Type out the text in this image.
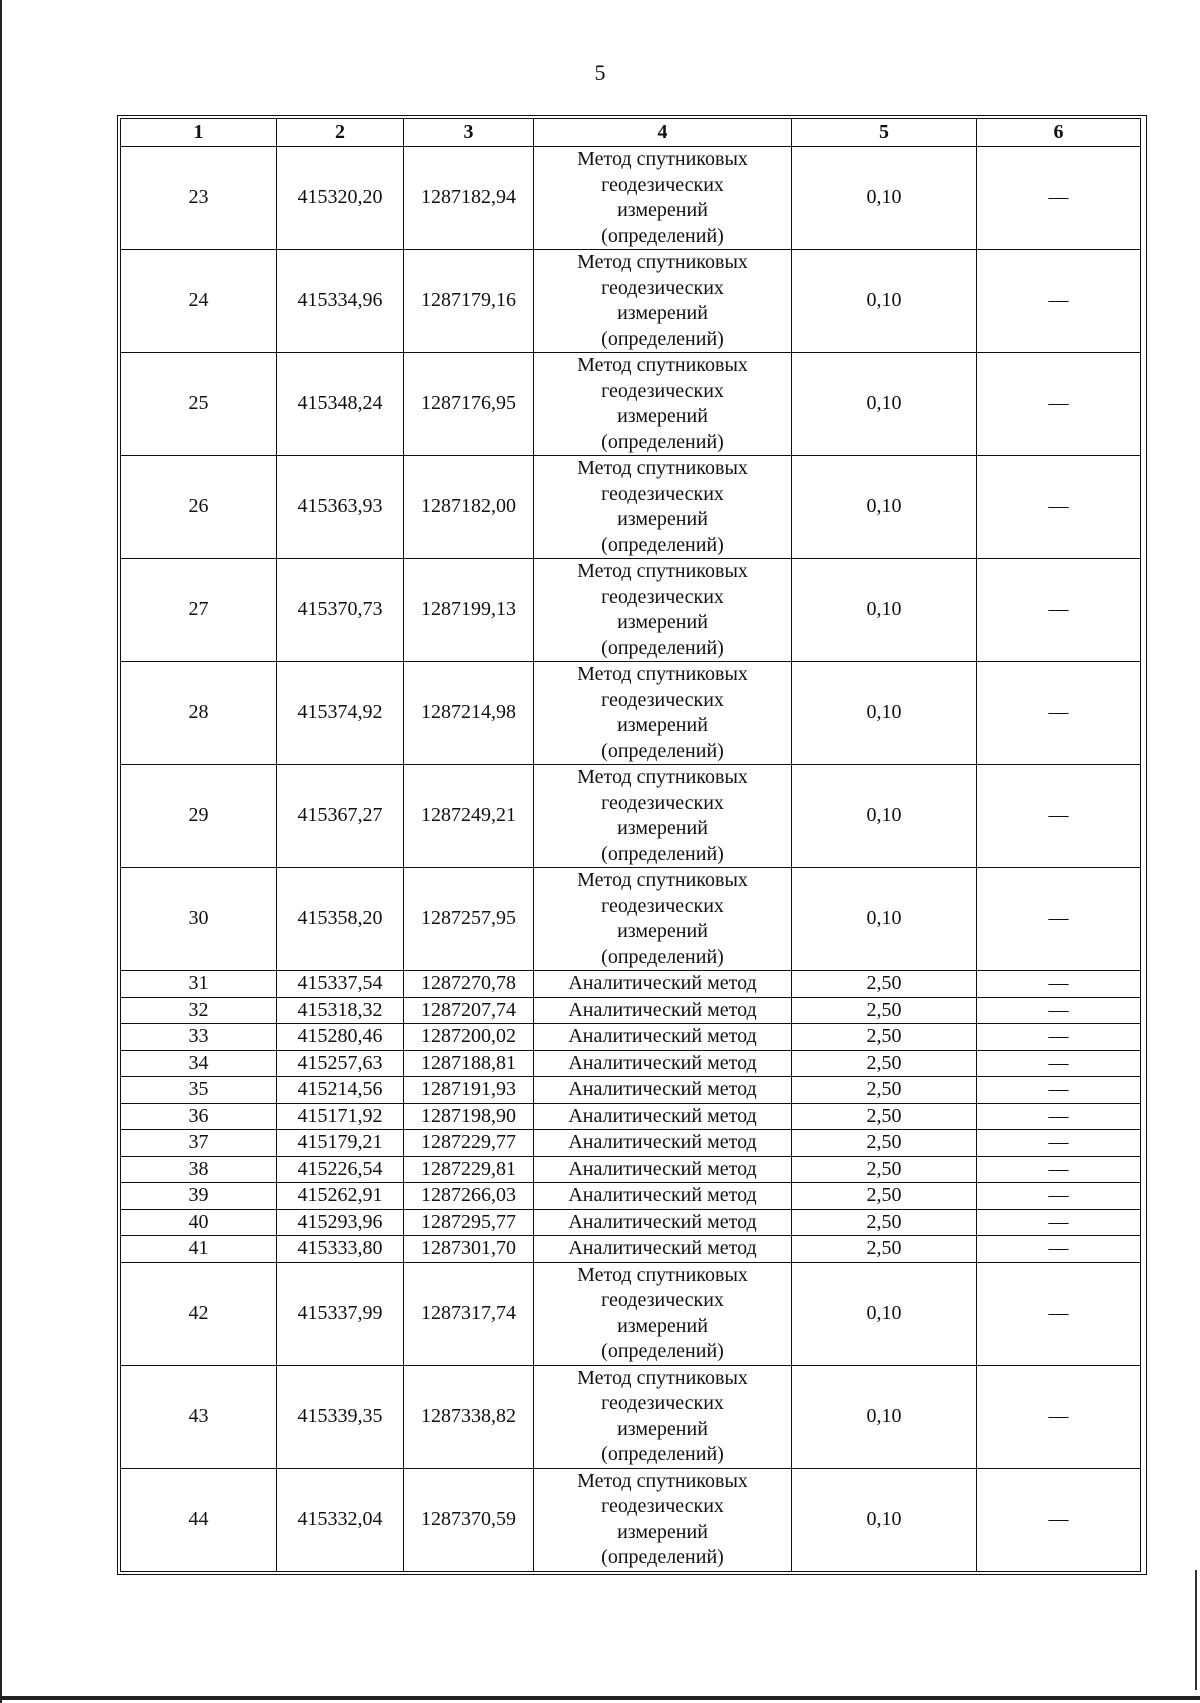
5
1	2	3	4	5	6
23	415320,20	1287182,94	Метод спутниковых
геодезических
измерений
(определений)	0,10	—
24	415334,96	1287179,16	Метод спутниковых
геодезических
измерений
(определений)	0,10	—
25	415348,24	1287176,95	Метод спутниковых
геодезических
измерений
(определений)	0,10	—
26	415363,93	1287182,00	Метод спутниковых
геодезических
измерений
(определений)	0,10	—
27	415370,73	1287199,13	Метод спутниковых
геодезических
измерений
(определений)	0,10	—
28	415374,92	1287214,98	Метод спутниковых
геодезических
измерений
(определений)	0,10	—
29	415367,27	1287249,21	Метод спутниковых
геодезических
измерений
(определений)	0,10	—
30	415358,20	1287257,95	Метод спутниковых
геодезических
измерений
(определений)	0,10	—
31	415337,54	1287270,78	Аналитический метод	2,50	—
32	415318,32	1287207,74	Аналитический метод	2,50	—
33	415280,46	1287200,02	Аналитический метод	2,50	—
34	415257,63	1287188,81	Аналитический метод	2,50	—
35	415214,56	1287191,93	Аналитический метод	2,50	—
36	415171,92	1287198,90	Аналитический метод	2,50	—
37	415179,21	1287229,77	Аналитический метод	2,50	—
38	415226,54	1287229,81	Аналитический метод	2,50	—
39	415262,91	1287266,03	Аналитический метод	2,50	—
40	415293,96	1287295,77	Аналитический метод	2,50	—
41	415333,80	1287301,70	Аналитический метод	2,50	—
42	415337,99	1287317,74	Метод спутниковых
геодезических
измерений
(определений)	0,10	—
43	415339,35	1287338,82	Метод спутниковых
геодезических
измерений
(определений)	0,10	—
44	415332,04	1287370,59	Метод спутниковых
геодезических
измерений
(определений)	0,10	—
